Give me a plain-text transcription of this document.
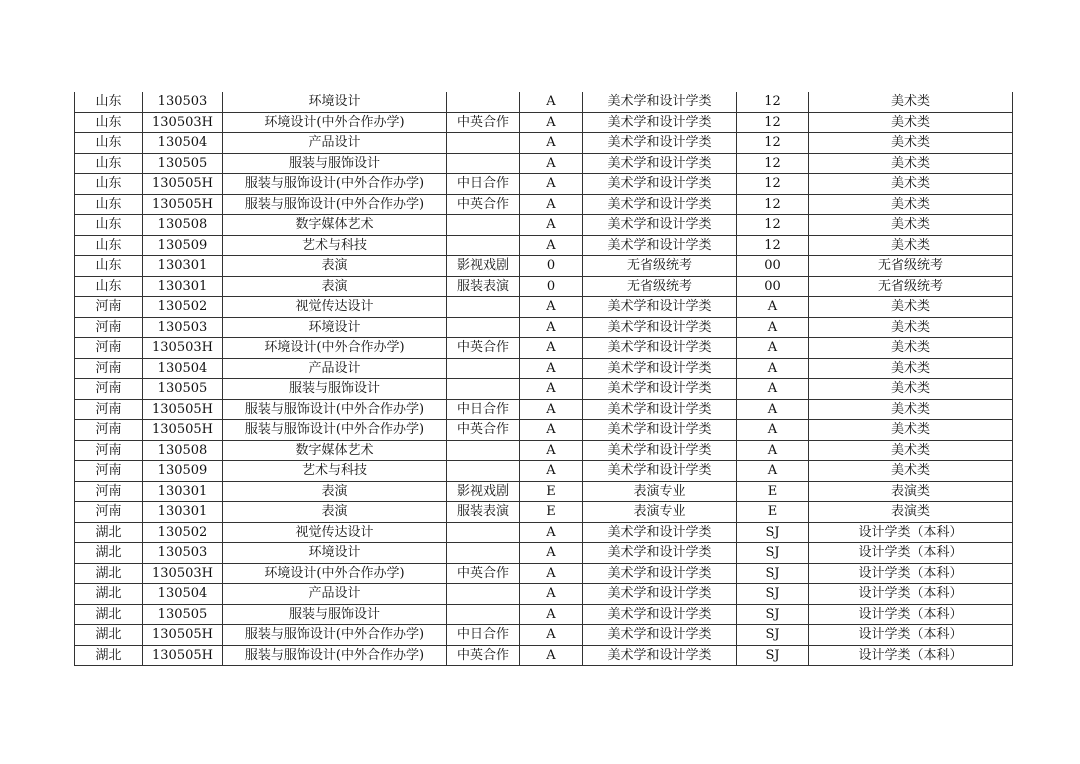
山东	130503	环境设计		A	美术学和设计学类	12	美术类
山东	130503H	环境设计(中外合作办学)	中英合作	A	美术学和设计学类	12	美术类
山东	130504	产品设计		A	美术学和设计学类	12	美术类
山东	130505	服装与服饰设计		A	美术学和设计学类	12	美术类
山东	130505H	服装与服饰设计(中外合作办学)	中日合作	A	美术学和设计学类	12	美术类
山东	130505H	服装与服饰设计(中外合作办学)	中英合作	A	美术学和设计学类	12	美术类
山东	130508	数字媒体艺术		A	美术学和设计学类	12	美术类
山东	130509	艺术与科技		A	美术学和设计学类	12	美术类
山东	130301	表演	影视戏剧	0	无省级统考	00	无省级统考
山东	130301	表演	服装表演	0	无省级统考	00	无省级统考
河南	130502	视觉传达设计		A	美术学和设计学类	A	美术类
河南	130503	环境设计		A	美术学和设计学类	A	美术类
河南	130503H	环境设计(中外合作办学)	中英合作	A	美术学和设计学类	A	美术类
河南	130504	产品设计		A	美术学和设计学类	A	美术类
河南	130505	服装与服饰设计		A	美术学和设计学类	A	美术类
河南	130505H	服装与服饰设计(中外合作办学)	中日合作	A	美术学和设计学类	A	美术类
河南	130505H	服装与服饰设计(中外合作办学)	中英合作	A	美术学和设计学类	A	美术类
河南	130508	数字媒体艺术		A	美术学和设计学类	A	美术类
河南	130509	艺术与科技		A	美术学和设计学类	A	美术类
河南	130301	表演	影视戏剧	E	表演专业	E	表演类
河南	130301	表演	服装表演	E	表演专业	E	表演类
湖北	130502	视觉传达设计		A	美术学和设计学类	SJ	设计学类（本科）
湖北	130503	环境设计		A	美术学和设计学类	SJ	设计学类（本科）
湖北	130503H	环境设计(中外合作办学)	中英合作	A	美术学和设计学类	SJ	设计学类（本科）
湖北	130504	产品设计		A	美术学和设计学类	SJ	设计学类（本科）
湖北	130505	服装与服饰设计		A	美术学和设计学类	SJ	设计学类（本科）
湖北	130505H	服装与服饰设计(中外合作办学)	中日合作	A	美术学和设计学类	SJ	设计学类（本科）
湖北	130505H	服装与服饰设计(中外合作办学)	中英合作	A	美术学和设计学类	SJ	设计学类（本科）
